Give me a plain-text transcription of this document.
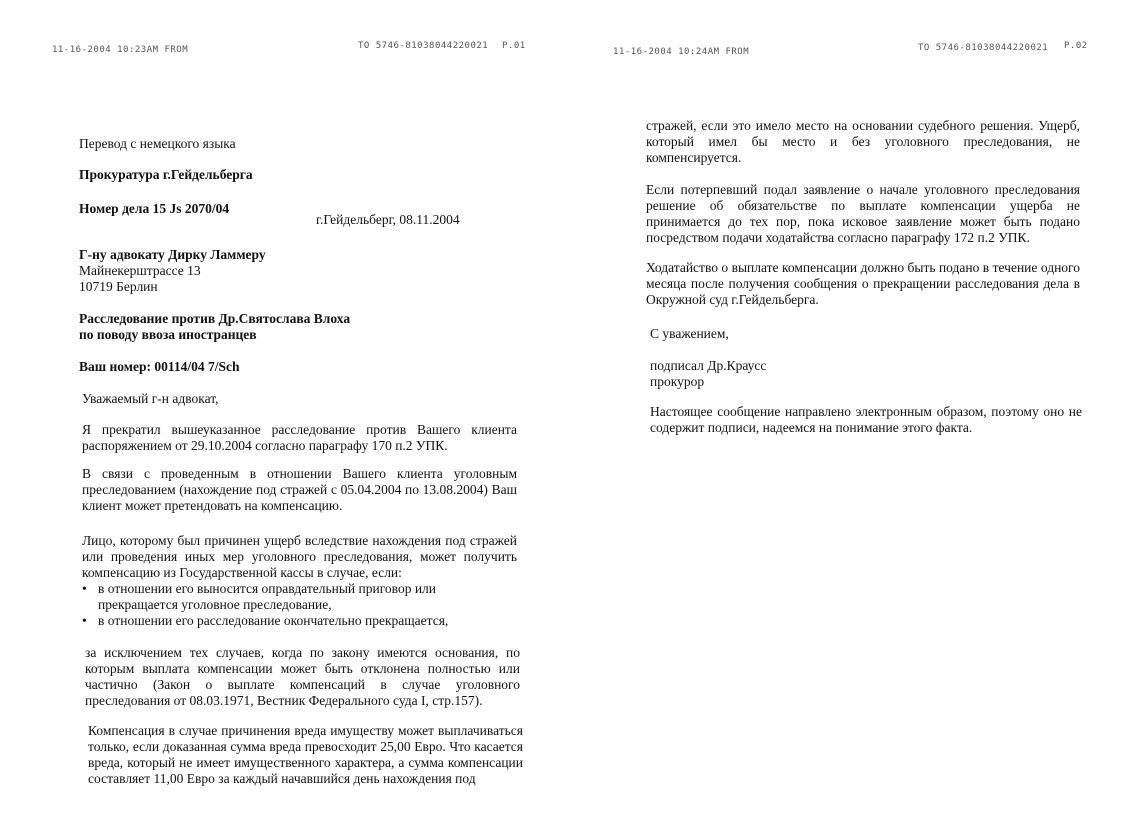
11-16-2004 10:23AM FROM	TO 5746-81038044220021 P.01
Перевод с немецкого языка
Прокуратура г.Гейдельберга
Номер дела 15 Js 2070/04
г.Гейдельберг, 08.11.2004
Г-ну адвокату Дирку Ламмеру
Майнекерштрассе 13
10719 Берлин
Расследование против Др.Святослава Влоха
по поводу ввоза иностранцев
Ваш номер: 00114/04 7/Sch
Уважаемый г-н адвокат,
Я прекратил вышеуказанное расследование против Вашего клиента распоряжением от 29.10.2004 согласно параграфу 170 п.2 УПК.
В связи с проведенным в отношении Вашего клиента уголовным преследованием (нахождение под стражей с 05.04.2004 по 13.08.2004) Ваш клиент может претендовать на компенсацию.
Лицо, которому был причинен ущерб вследствие нахождения под стражей или проведения иных мер уголовного преследования, может получить компенсацию из Государственной кассы в случае, если:
• в отношении его выносится оправдательный приговор или прекращается уголовное преследование,
• в отношении его расследование окончательно прекращается,
за исключением тех случаев, когда по закону имеются основания, по которым выплата компенсации может быть отклонена полностью или частично (Закон о выплате компенсаций в случае уголовного преследования от 08.03.1971, Вестник Федерального суда I, стр.157).
Компенсация в случае причинения вреда имуществу может выплачиваться только, если доказанная сумма вреда превосходит 25,00 Евро. Что касается вреда, который не имеет имущественного характера, а сумма компенсации составляет 11,00 Евро за каждый начавшийся день нахождения под
11-16-2004 10:24AM FROM	TO 5746-81038044220021 P.02
стражей, если это имело место на основании судебного решения. Ущерб, который имел бы место и без уголовного преследования, не компенсируется.
Если потерпевший подал заявление о начале уголовного преследования решение об обязательстве по выплате компенсации ущерба не принимается до тех пор, пока исковое заявление может быть подано посредством подачи ходатайства согласно параграфу 172 п.2 УПК.
Ходатайство о выплате компенсации должно быть подано в течение одного месяца после получения сообщения о прекращении расследования дела в Окружной суд г.Гейдельберга.
С уважением,
подписал Др.Краусс
прокурор
Настоящее сообщение направлено электронным образом, поэтому оно не содержит подписи, надеемся на понимание этого факта.
